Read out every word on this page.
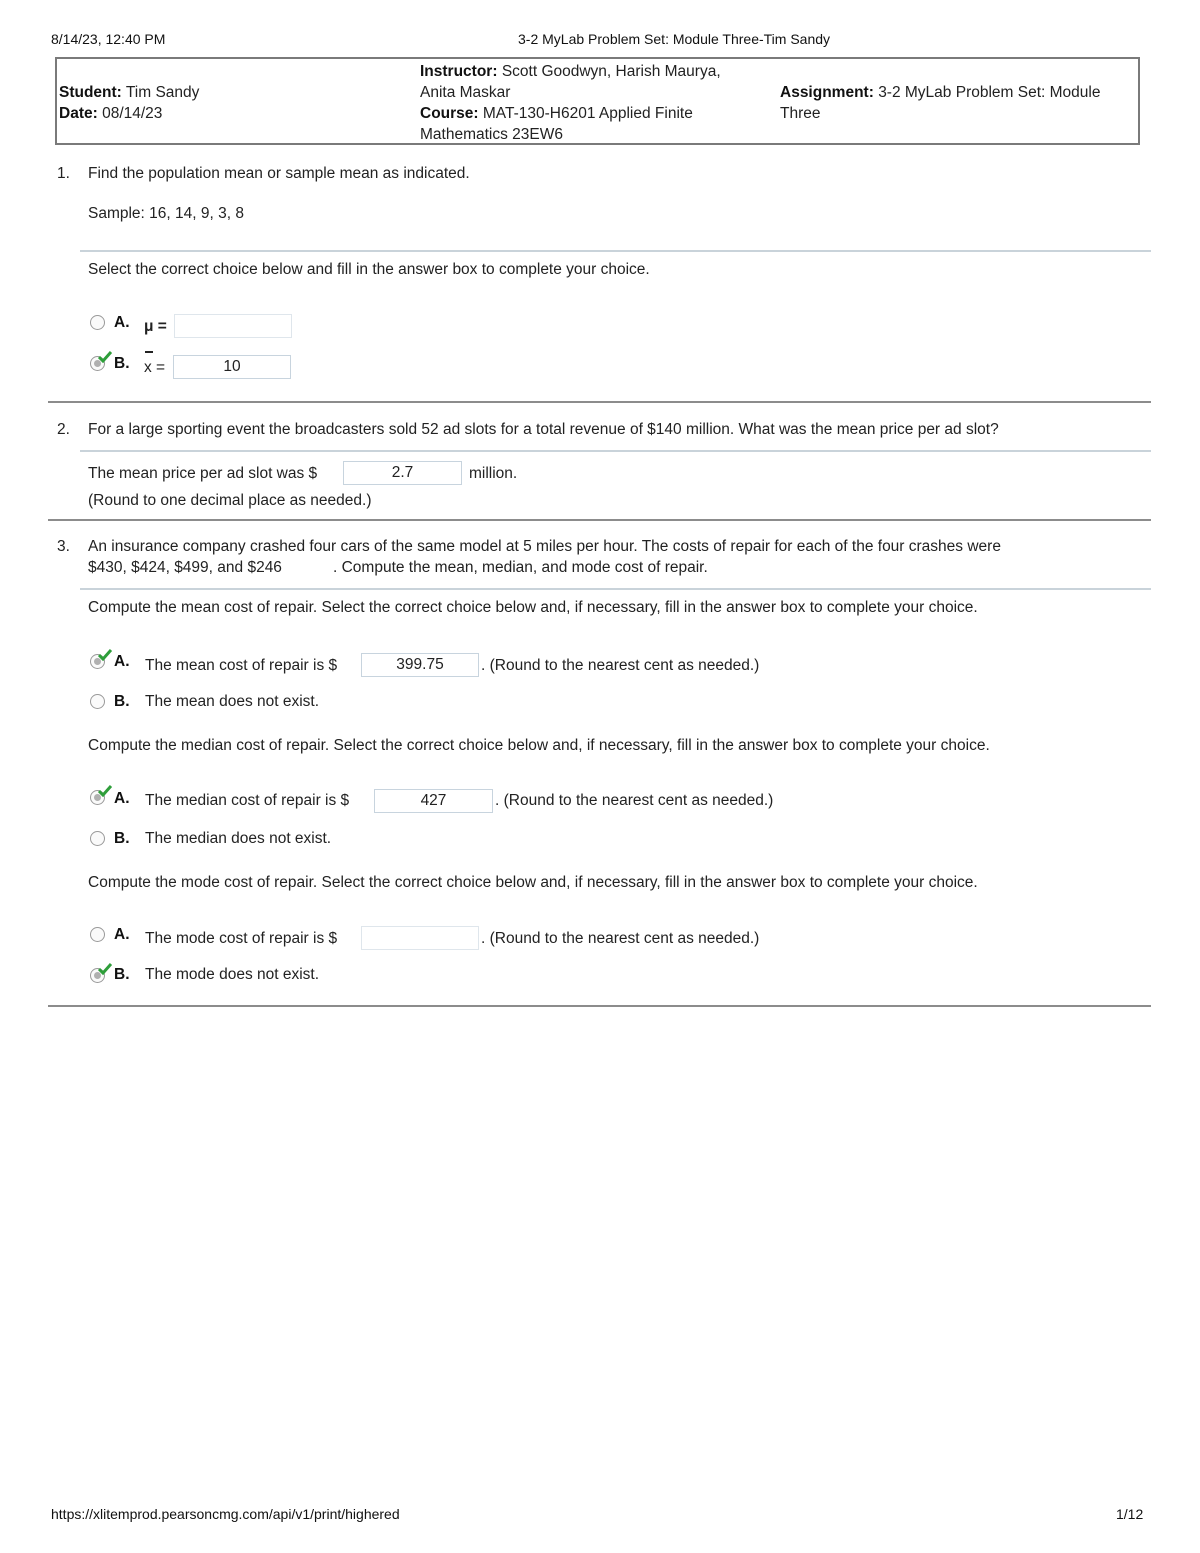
8/14/23, 12:40 PM	3-2 MyLab Problem Set: Module Three-Tim Sandy
Student: Tim Sandy
Date: 08/14/23
Instructor: Scott Goodwyn, Harish Maurya,
Anita Maskar
Course: MAT-130-H6201 Applied Finite
Mathematics 23EW6
Assignment: 3-2 MyLab Problem Set: Module
Three
1. Find the population mean or sample mean as indicated.
Sample: 16, 14, 9, 3, 8
Select the correct choice below and fill in the answer box to complete your choice.
A. μ =
B. x =	10
2. For a large sporting event the broadcasters sold 52 ad slots for a total revenue of $140 million. What was the mean price per ad slot?
The mean price per ad slot was $	2.7	million.
(Round to one decimal place as needed.)
3. An insurance company crashed four cars of the same model at 5 miles per hour. The costs of repair for each of the four crashes were
$430, $424, $499, and $246	. Compute the mean, median, and mode cost of repair.
Compute the mean cost of repair. Select the correct choice below and, if necessary, fill in the answer box to complete your choice.
A. The mean cost of repair is $	399.75	. (Round to the nearest cent as needed.)
B. The mean does not exist.
Compute the median cost of repair. Select the correct choice below and, if necessary, fill in the answer box to complete your choice.
A. The median cost of repair is $	427	. (Round to the nearest cent as needed.)
B. The median does not exist.
Compute the mode cost of repair. Select the correct choice below and, if necessary, fill in the answer box to complete your choice.
A. The mode cost of repair is $	. (Round to the nearest cent as needed.)
B. The mode does not exist.
https://xlitemprod.pearsoncmg.com/api/v1/print/highered	1/12
